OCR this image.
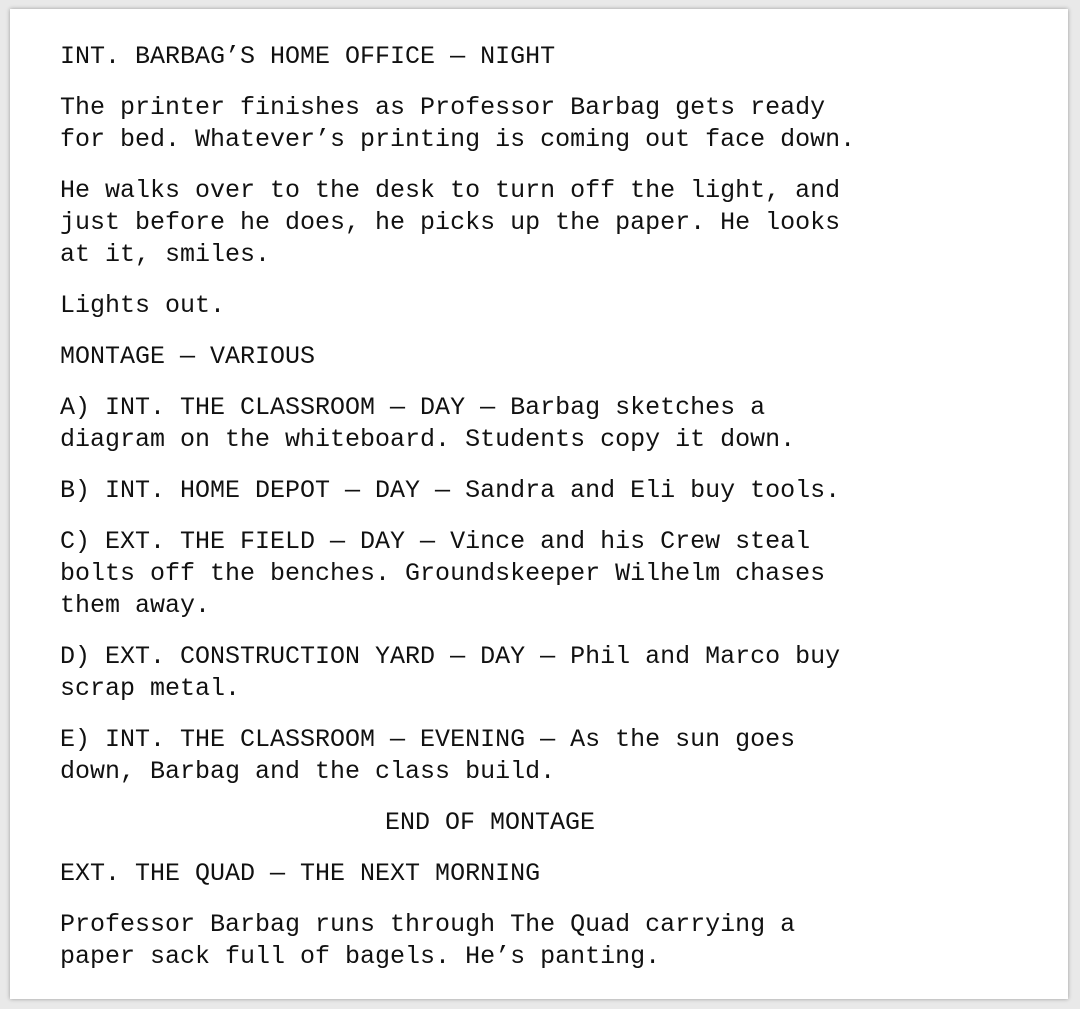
INT. BARBAG’S HOME OFFICE — NIGHT
The printer finishes as Professor Barbag gets ready
for bed. Whatever’s printing is coming out face down.
He walks over to the desk to turn off the light, and
just before he does, he picks up the paper. He looks
at it, smiles.
Lights out.
MONTAGE — VARIOUS
A) INT. THE CLASSROOM — DAY — Barbag sketches a
diagram on the whiteboard. Students copy it down.
B) INT. HOME DEPOT — DAY — Sandra and Eli buy tools.
C) EXT. THE FIELD — DAY — Vince and his Crew steal
bolts off the benches. Groundskeeper Wilhelm chases
them away.
D) EXT. CONSTRUCTION YARD — DAY — Phil and Marco buy
scrap metal.
E) INT. THE CLASSROOM — EVENING — As the sun goes
down, Barbag and the class build.
END OF MONTAGE
EXT. THE QUAD — THE NEXT MORNING
Professor Barbag runs through The Quad carrying a
paper sack full of bagels. He’s panting.
